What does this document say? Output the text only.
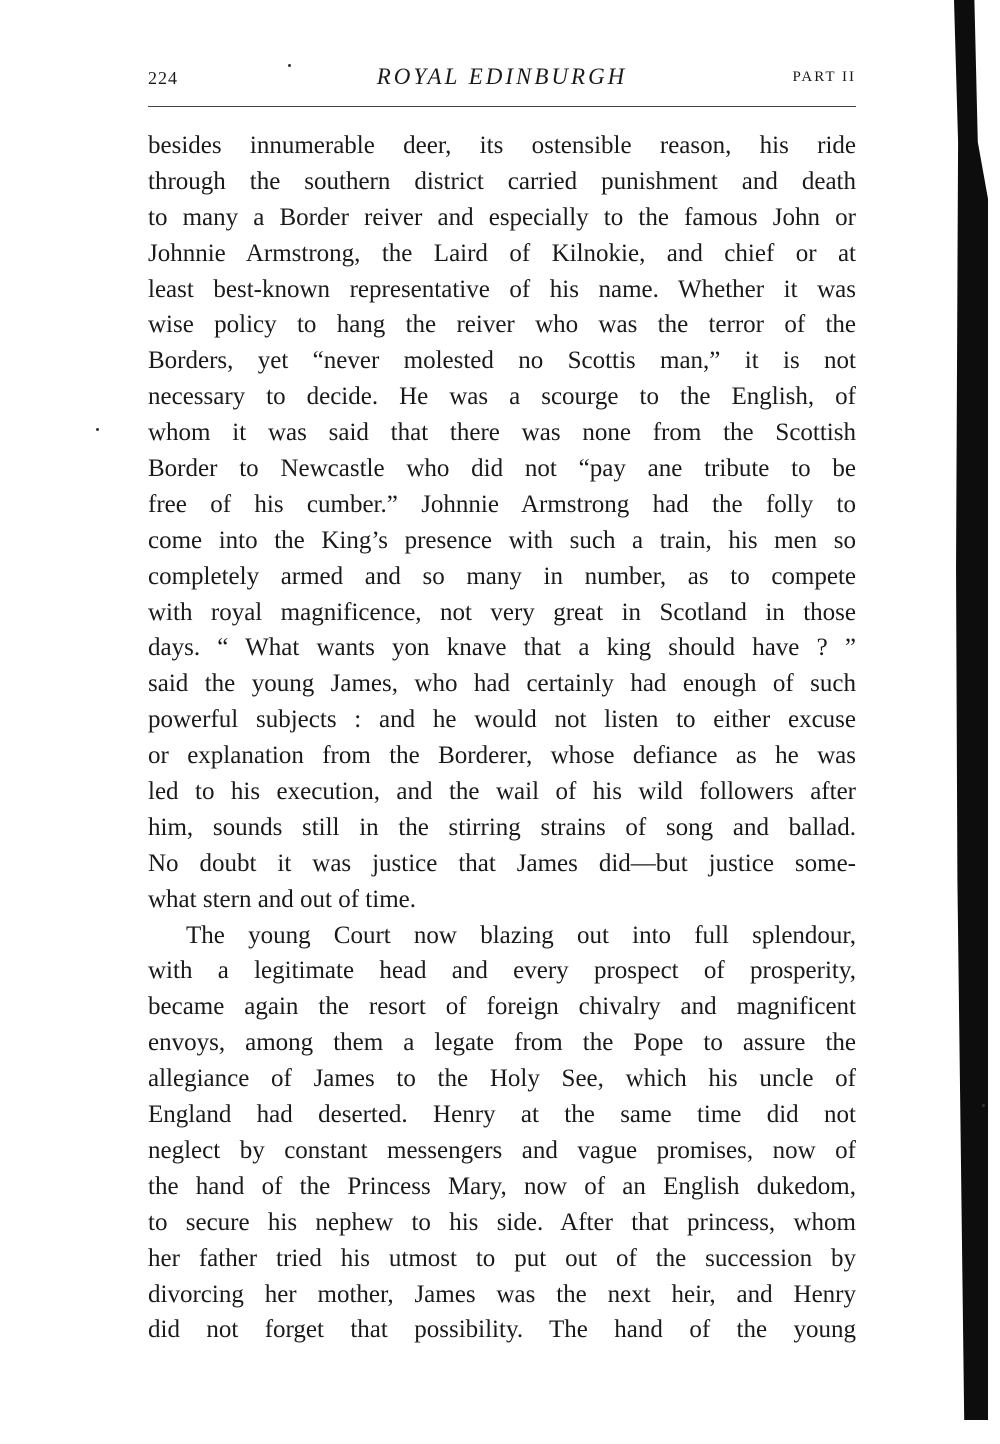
224	ROYAL EDINBURGH	PART II
besides innumerable deer, its ostensible reason, his ride
through the southern district carried punishment and death
to many a Border reiver and especially to the famous John or
Johnnie Armstrong, the Laird of Kilnokie, and chief or at
least best-known representative of his name. Whether it was
wise policy to hang the reiver who was the terror of the
Borders, yet “never molested no Scottis man,” it is not
necessary to decide. He was a scourge to the English, of
whom it was said that there was none from the Scottish
Border to Newcastle who did not “pay ane tribute to be
free of his cumber.” Johnnie Armstrong had the folly to
come into the King’s presence with such a train, his men so
completely armed and so many in number, as to compete
with royal magnificence, not very great in Scotland in those
days. “ What wants yon knave that a king should have ? ”
said the young James, who had certainly had enough of such
powerful subjects : and he would not listen to either excuse
or explanation from the Borderer, whose defiance as he was
led to his execution, and the wail of his wild followers after
him, sounds still in the stirring strains of song and ballad.
No doubt it was justice that James did—but justice some-
what stern and out of time.
The young Court now blazing out into full splendour,
with a legitimate head and every prospect of prosperity,
became again the resort of foreign chivalry and magnificent
envoys, among them a legate from the Pope to assure the
allegiance of James to the Holy See, which his uncle of
England had deserted. Henry at the same time did not
neglect by constant messengers and vague promises, now of
the hand of the Princess Mary, now of an English dukedom,
to secure his nephew to his side. After that princess, whom
her father tried his utmost to put out of the succession by
divorcing her mother, James was the next heir, and Henry
did not forget that possibility. The hand of the young
